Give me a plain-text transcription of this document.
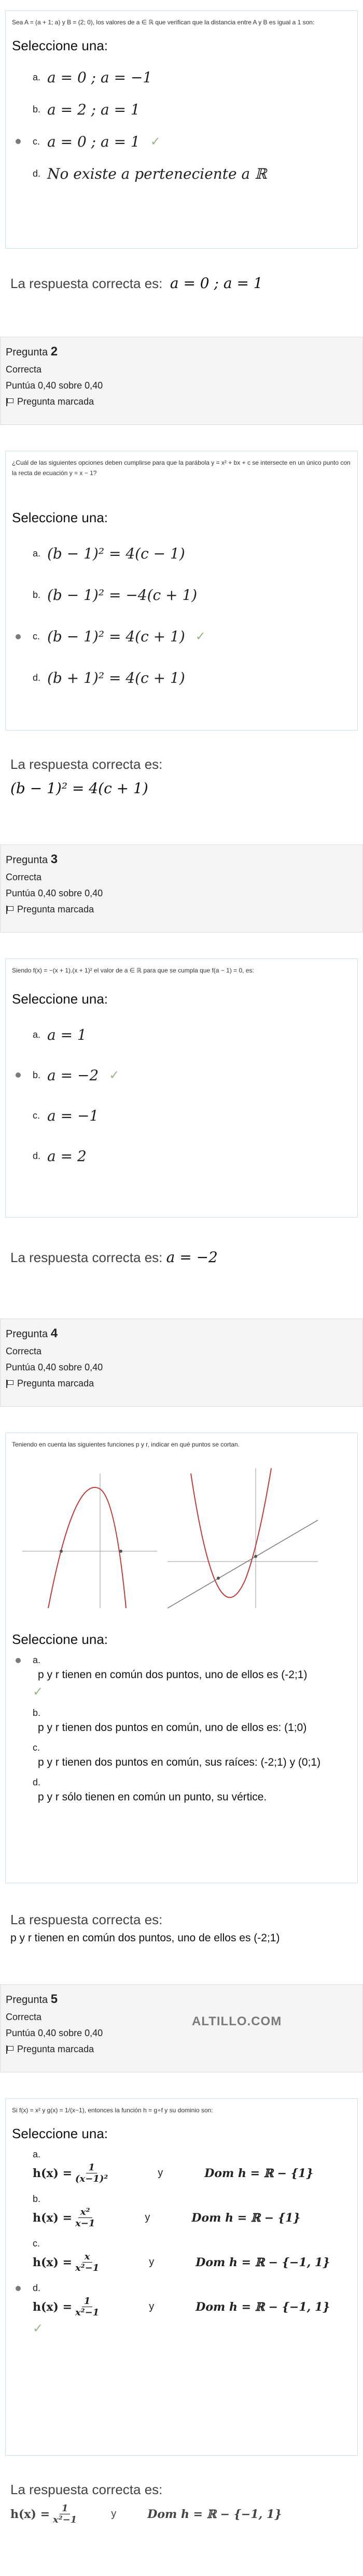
Sea A = (a + 1; a) y B = (2; 0), los valores de a ∈ ℝ que verifican que la distancia entre A y B es igual a 1 son:
Seleccione una:
a. a = 0 ; a = −1
b. a = 2 ; a = 1
c. a = 0 ; a = 1 ✓
d. No existe a perteneciente a ℝ
La respuesta correcta es: a = 0 ; a = 1
Pregunta 2
Correcta
Puntúa 0,40 sobre 0,40
Pregunta marcada
¿Cuál de las siguientes opciones deben cumplirse para que la parábola y = x² + bx + c se intersecte en un único punto con la recta de ecuación y = x − 1?
Seleccione una:
a. (b − 1)² = 4(c − 1)
b. (b − 1)² = −4(c + 1)
c. (b − 1)² = 4(c + 1) ✓
d. (b + 1)² = 4(c + 1)
La respuesta correcta es:
(b − 1)² = 4(c + 1)
Pregunta 3
Correcta
Puntúa 0,40 sobre 0,40
Pregunta marcada
Siendo f(x) = −(x + 1).(x + 1)² el valor de a ∈ ℝ para que se cumpla que f(a − 1) = 0, es:
Seleccione una:
a. a = 1
b. a = −2 ✓
c. a = −1
d. a = 2
La respuesta correcta es: a = −2
Pregunta 4
Correcta
Puntúa 0,40 sobre 0,40
Pregunta marcada
Teniendo en cuenta las siguientes funciones p y r, indicar en qué puntos se cortan.
Seleccione una:
a.
p y r tienen en común dos puntos, uno de ellos es (-2;1)
✓
b.
p y r tienen dos puntos en común, uno de ellos es: (1;0)
c.
p y r tienen dos puntos en común, sus raíces: (-2;1) y (0;1)
d.
p y r sólo tienen en común un punto, su vértice.
La respuesta correcta es:
p y r tienen en común dos puntos, uno de ellos es (-2;1)
Pregunta 5
Correcta
Puntúa 0,40 sobre 0,40
Pregunta marcada
ALTILLO.COM
Si f(x) = x² y g(x) = 1/(x−1), entonces la función h = g∘f y su dominio son:
Seleccione una:
a.
$h(x) = \frac{1}{\text{(x−1)²}}$	y	Dom h = ℝ − {1}
b.
$h(x) = \frac{\text{x²}}{x-1}$	y	Dom h = ℝ − {1}
c.
$h(x) = \frac{x}{\text{x²−1}}$	y	Dom h = ℝ − {−1, 1}
d.
$h(x) = \frac{1}{\text{x²−1}}$	y	Dom h = ℝ − {−1, 1}
✓
La respuesta correcta es:
$h(x) = \frac{1}{\text{x²−1}}$	y	Dom h = ℝ − {−1, 1}
